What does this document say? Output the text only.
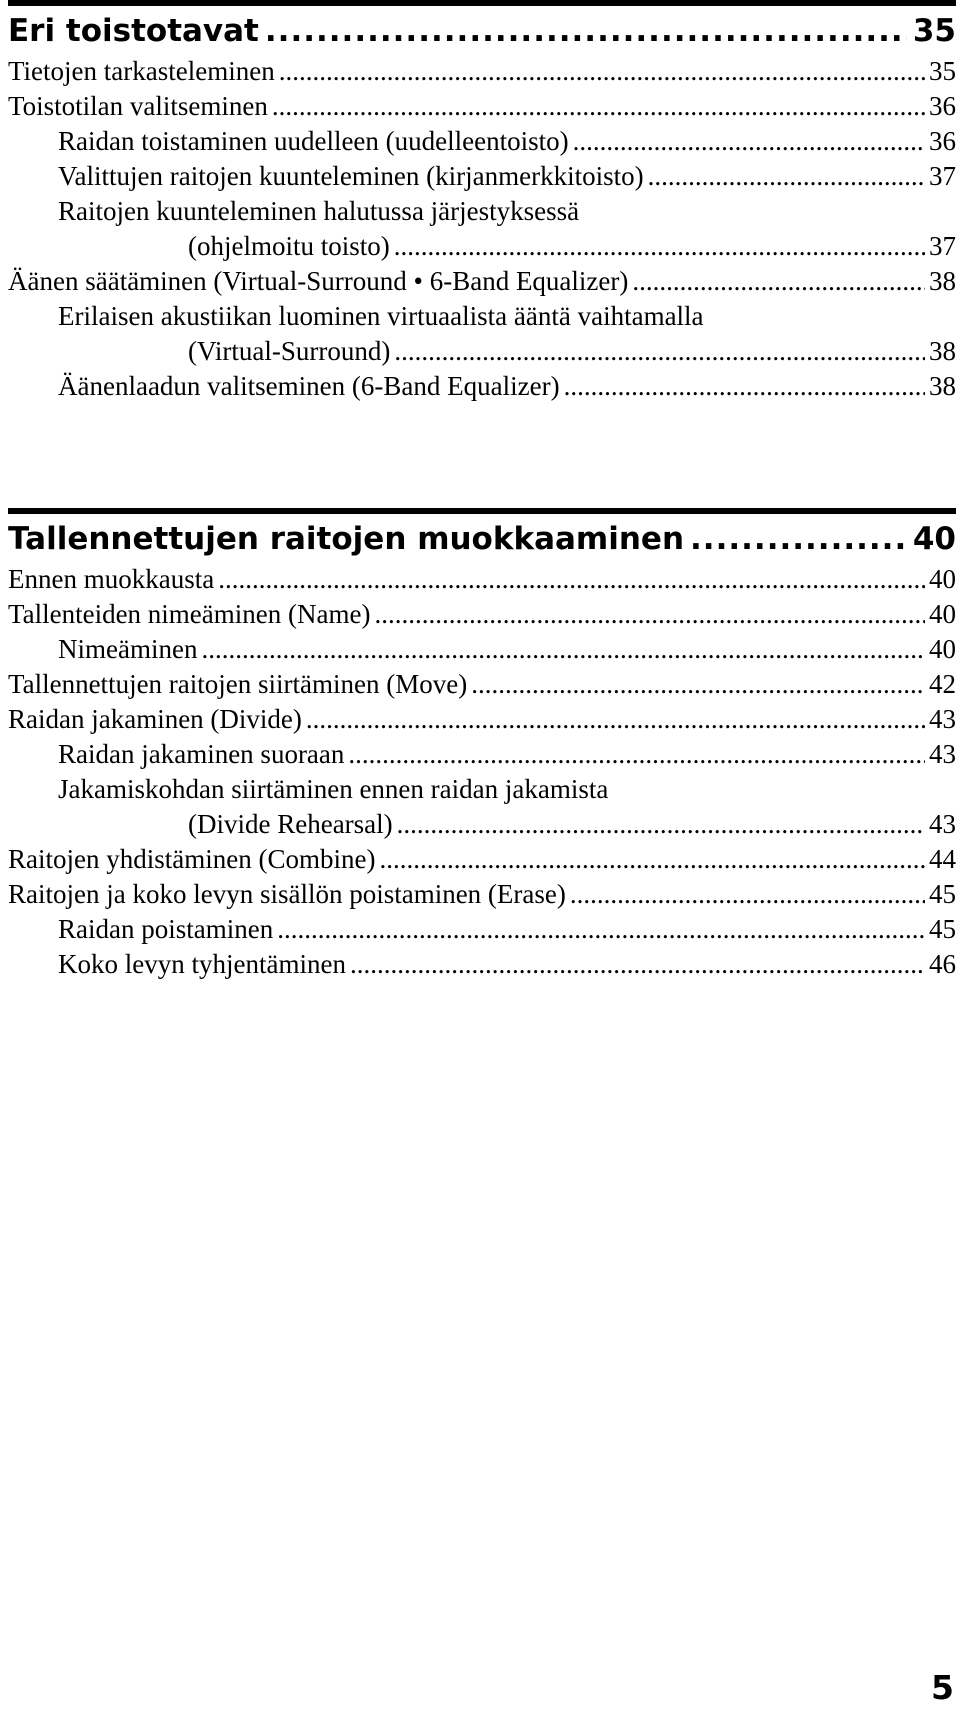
Eri toistotavat .....	35
Tietojen tarkasteleminen .....	35
Toistotilan valitseminen .....	36
Raidan toistaminen uudelleen (uudelleentoisto) .....	36
Valittujen raitojen kuunteleminen (kirjanmerkkitoisto) .....	37
Raitojen kuunteleminen halutussa järjestyksessä
(ohjelmoitu toisto) .....	37
Äänen säätäminen (Virtual-Surround • 6-Band Equalizer) .....	38
Erilaisen akustiikan luominen virtuaalista ääntä vaihtamalla
(Virtual-Surround) .....	38
Äänenlaadun valitseminen (6-Band Equalizer) .....	38
Tallennettujen raitojen muokkaaminen .....	40
Ennen muokkausta .....	40
Tallenteiden nimeäminen (Name) .....	40
Nimeäminen .....	40
Tallennettujen raitojen siirtäminen (Move) .....	42
Raidan jakaminen (Divide) .....	43
Raidan jakaminen suoraan .....	43
Jakamiskohdan siirtäminen ennen raidan jakamista
(Divide Rehearsal) .....	43
Raitojen yhdistäminen (Combine) .....	44
Raitojen ja koko levyn sisällön poistaminen (Erase) .....	45
Raidan poistaminen .....	45
Koko levyn tyhjentäminen .....	46
5
